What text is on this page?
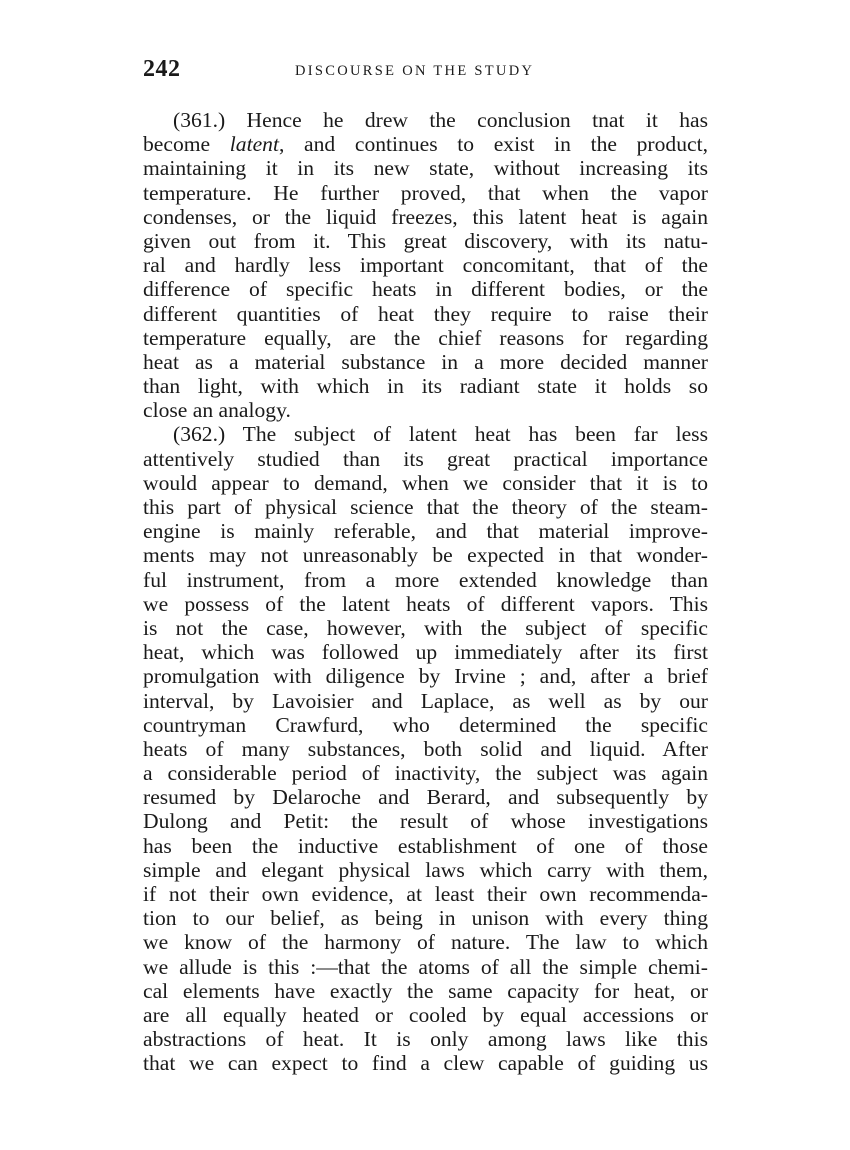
242	DISCOURSE ON THE STUDY
(361.) Hence he drew the conclusion tnat it has
become latent, and continues to exist in the product,
maintaining it in its new state, without increasing its
temperature. He further proved, that when the vapor
condenses, or the liquid freezes, this latent heat is again
given out from it. This great discovery, with its natu-
ral and hardly less important concomitant, that of the
difference of specific heats in different bodies, or the
different quantities of heat they require to raise their
temperature equally, are the chief reasons for regarding
heat as a material substance in a more decided manner
than light, with which in its radiant state it holds so
close an analogy.
(362.) The subject of latent heat has been far less
attentively studied than its great practical importance
would appear to demand, when we consider that it is to
this part of physical science that the theory of the steam-
engine is mainly referable, and that material improve-
ments may not unreasonably be expected in that wonder-
ful instrument, from a more extended knowledge than
we possess of the latent heats of different vapors. This
is not the case, however, with the subject of specific
heat, which was followed up immediately after its first
promulgation with diligence by Irvine ; and, after a brief
interval, by Lavoisier and Laplace, as well as by our
countryman Crawfurd, who determined the specific
heats of many substances, both solid and liquid. After
a considerable period of inactivity, the subject was again
resumed by Delaroche and Berard, and subsequently by
Dulong and Petit: the result of whose investigations
has been the inductive establishment of one of those
simple and elegant physical laws which carry with them,
if not their own evidence, at least their own recommenda-
tion to our belief, as being in unison with every thing
we know of the harmony of nature. The law to which
we allude is this :—that the atoms of all the simple chemi-
cal elements have exactly the same capacity for heat, or
are all equally heated or cooled by equal accessions or
abstractions of heat. It is only among laws like this
that we can expect to find a clew capable of guiding us
